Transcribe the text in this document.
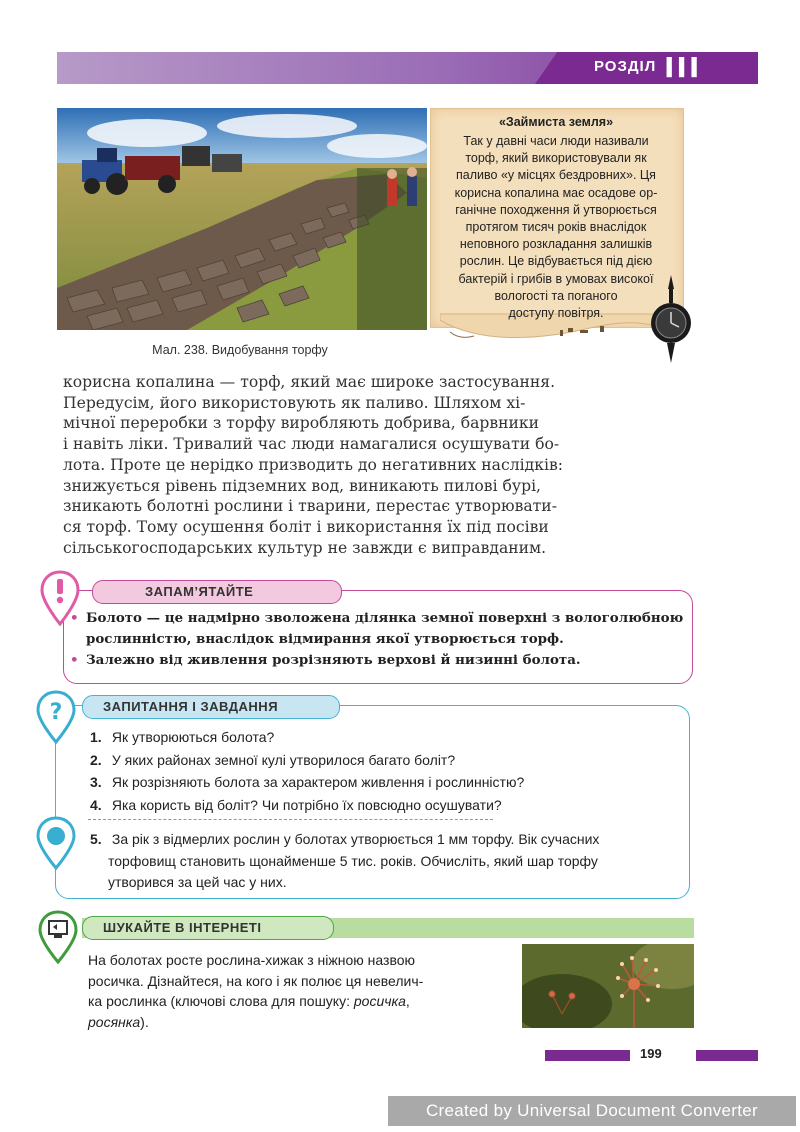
РОЗДІЛ III
Мал. 238. Видобування торфу
«Займиста земля»
Так у давні часи люди називали
торф, який використовували як
паливо «у місцях бездровних». Ця
корисна копалина має осадове ор-
ганічне походження й утворюється
протягом тисяч років внаслідок
неповного розкладання залишків
рослин. Це відбувається під дією
бактерій і грибів в умовах високої
вологості та поганого
доступу повітря.
корисна копалина — торф, який має широке застосування.
Передусім, його використовують як паливо. Шляхом хі-
мічної переробки з торфу виробляють добрива, барвники
і навіть ліки. Тривалий час люди намагалися осушувати бо-
лота. Проте це нерідко призводить до негативних наслідків:
знижується рівень підземних вод, виникають пилові бурі,
зникають болотні рослини і тварини, перестає утворювати-
ся торф. Тому осушення боліт і використання їх під посіви
сільськогосподарських культур не завжди є виправданим.
ЗАПАМ’ЯТАЙТЕ
• Болото — це надмірно зволожена ділянка земної поверхні з вологолюбною
рослинністю, внаслідок відмирання якої утворюється торф.
• Залежно від живлення розрізняють верхові й низинні болота.
?	ЗАПИТАННЯ І ЗАВДАННЯ
1. Як утворюються болота?
2. У яких районах земної кулі утворилося багато боліт?
3. Як розрізняють болота за характером живлення і рослинністю?
4. Яка користь від боліт? Чи потрібно їх повсюдно осушувати?
5. За рік з відмерлих рослин у болотах утворюється 1 мм торфу. Вік сучасних
торфовищ становить щонайменше 5 тис. років. Обчисліть, який шар торфу
утворився за цей час у них.
ШУКАЙТЕ В ІНТЕРНЕТІ
На болотах росте рослина-хижак з ніжною назвою
росичка. Дізнайтеся, на кого і як полює ця невелич-
ка рослинка (ключові слова для пошуку: росичка,
росянка).
199
Created by Universal Document Converter
